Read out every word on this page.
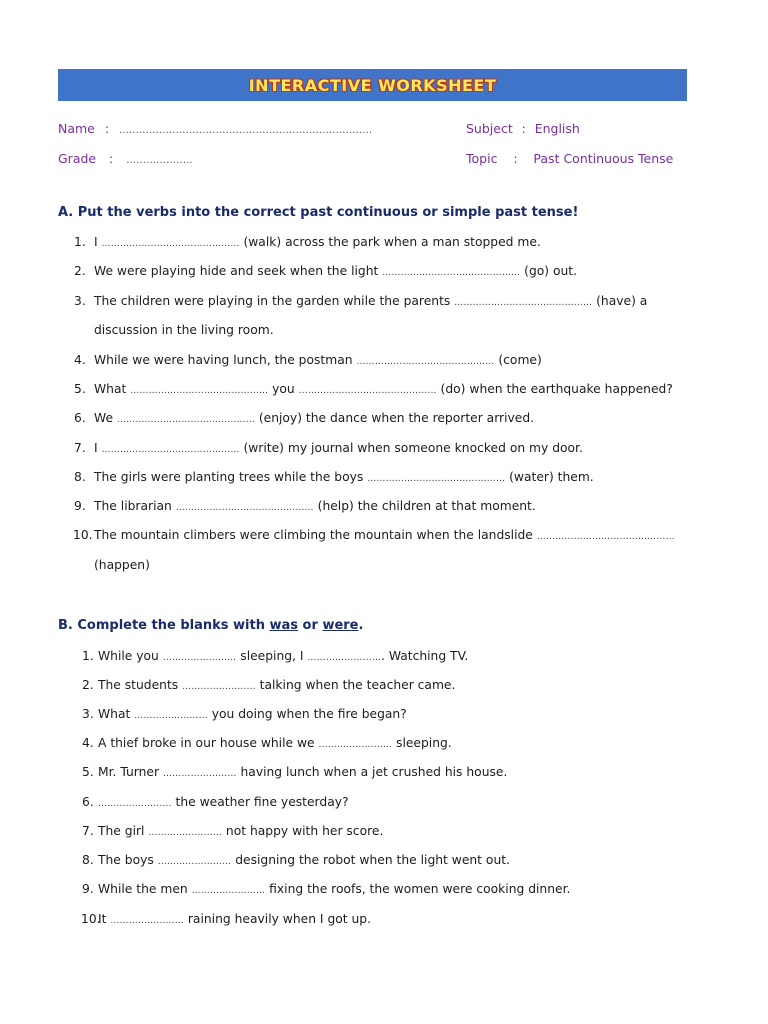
INTERACTIVE WORKSHEET
Name : ………………………………………………………………….
Grade : ………………..
Subject : English
Topic : Past Continuous Tense
A. Put the verbs into the correct past continuous or simple past tense!
1. I ……………………………………… (walk) across the park when a man stopped me.
2. We were playing hide and seek when the light ……………………………………… (go) out.
3. The children were playing in the garden while the parents ……………………………………… (have) a
discussion in the living room.
4. While we were having lunch, the postman ……………………………………… (come)
5. What ……………………………………… you ……………………………………… (do) when the earthquake happened?
6. We ……………………………………… (enjoy) the dance when the reporter arrived.
7. I ……………………………………… (write) my journal when someone knocked on my door.
8. The girls were planting trees while the boys ……………………………………… (water) them.
9. The librarian ……………………………………… (help) the children at that moment.
10. The mountain climbers were climbing the mountain when the landslide ………………………………………
(happen)
B. Complete the blanks with was or were.
1. While you …………………… sleeping, I ……………………. Watching TV.
2. The students …………………… talking when the teacher came.
3. What …………………… you doing when the fire began?
4. A thief broke in our house while we …………………… sleeping.
5. Mr. Turner …………………… having lunch when a jet crushed his house.
6. …………………… the weather fine yesterday?
7. The girl …………………… not happy with her score.
8. The boys …………………… designing the robot when the light went out.
9. While the men …………………… fixing the roofs, the women were cooking dinner.
10.
It …………………… raining heavily when I got up.
